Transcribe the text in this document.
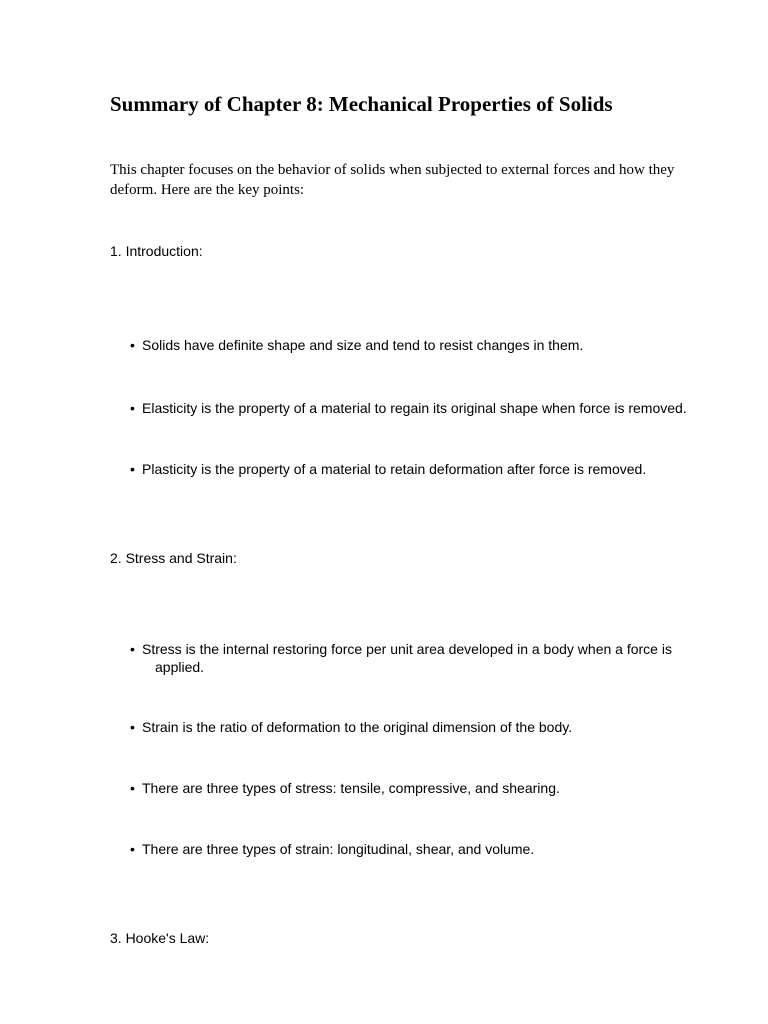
Summary of Chapter 8: Mechanical Properties of Solids

This chapter focuses on the behavior of solids when subjected to external forces and how they deform. Here are the key points:

1. Introduction:

• Solids have definite shape and size and tend to resist changes in them.
• Elasticity is the property of a material to regain its original shape when force is removed.
• Plasticity is the property of a material to retain deformation after force is removed.

2. Stress and Strain:

• Stress is the internal restoring force per unit area developed in a body when a force is
applied.
• Strain is the ratio of deformation to the original dimension of the body.
• There are three types of stress: tensile, compressive, and shearing.
• There are three types of strain: longitudinal, shear, and volume.

3. Hooke's Law:
